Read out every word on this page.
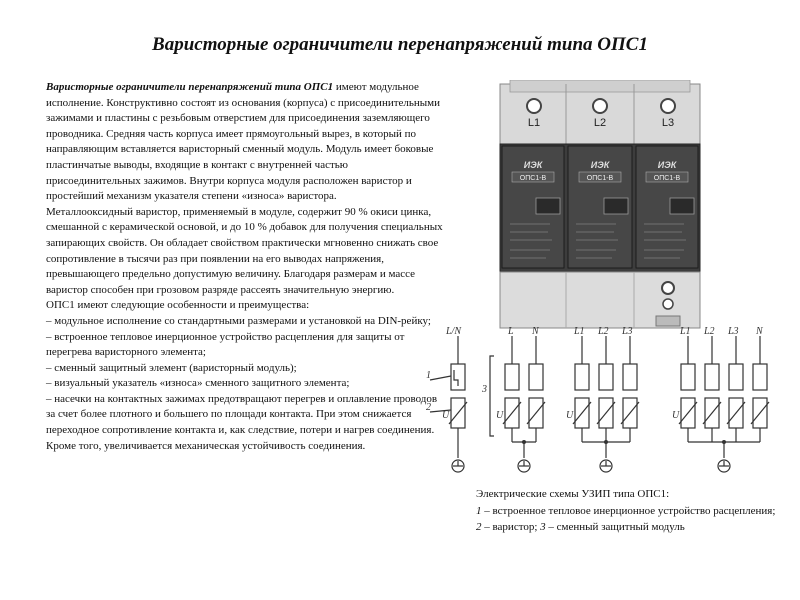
Варисторные ограничители перенапряжений типа ОПС1

Варисторные ограничители перенапряжений типа ОПС1 имеют модульное исполнение. Конструктивно состоят из основания (корпуса) с присоединительными зажимами и пластины с резьбовым отверстием для присоединения заземляющего проводника. Средняя часть корпуса имеет прямоугольный вырез, в который по направляющим вставляется варисторный сменный модуль. Модуль имеет боковые пластинчатые выводы, входящие в контакт с внутренней частью присоединительных зажимов. Внутри корпуса модуля расположен варистор и простейший механизм указателя степени «износа» варистора.

Металлооксидный варистор, применяемый в модуле, содержит 90 % окиси цинка, смешанной с керамической основой, и до 10 % добавок для получения специальных запирающих свойств. Он обладает свойством практически мгновенно снижать свое сопротивление в тысячи раз при появлении на его выводах напряжения, превышающего предельно допустимую величину. Благодаря размерам и массе варистор способен при грозовом разряде рассеять значительную энергию.

ОПС1 имеют следующие особенности и преимущества:

– модульное исполнение со стандартными размерами и установкой на DIN-рейку;

– встроенное тепловое инерционное устройство расцепления для защиты от перегрева варисторного элемента;

– сменный защитный элемент (варисторный модуль);

– визуальный указатель «износа» сменного защитного элемента;

– насечки на контактных зажимах предотвращают перегрев и оплавление проводов за счет более плотного и большего по площади контакта. При этом снижается переходное сопротивление контакта и, как следствие, потери и нагрев соединения. Кроме того, увеличивается механическая устойчивость соединения.

L1	L2	L3
ИЭК	ИЭК	ИЭК
ОПС1-В	ОПС1-В	ОПС1-В
L/N	L N	L1 L2 L3	L1 L2 L3 N
1
2
3
U	U	U	U

Электрические схемы УЗИП типа ОПС1:

1 – встроенное тепловое инерционное устройство расцепления;

2 – варистор; 3 – сменный защитный модуль
